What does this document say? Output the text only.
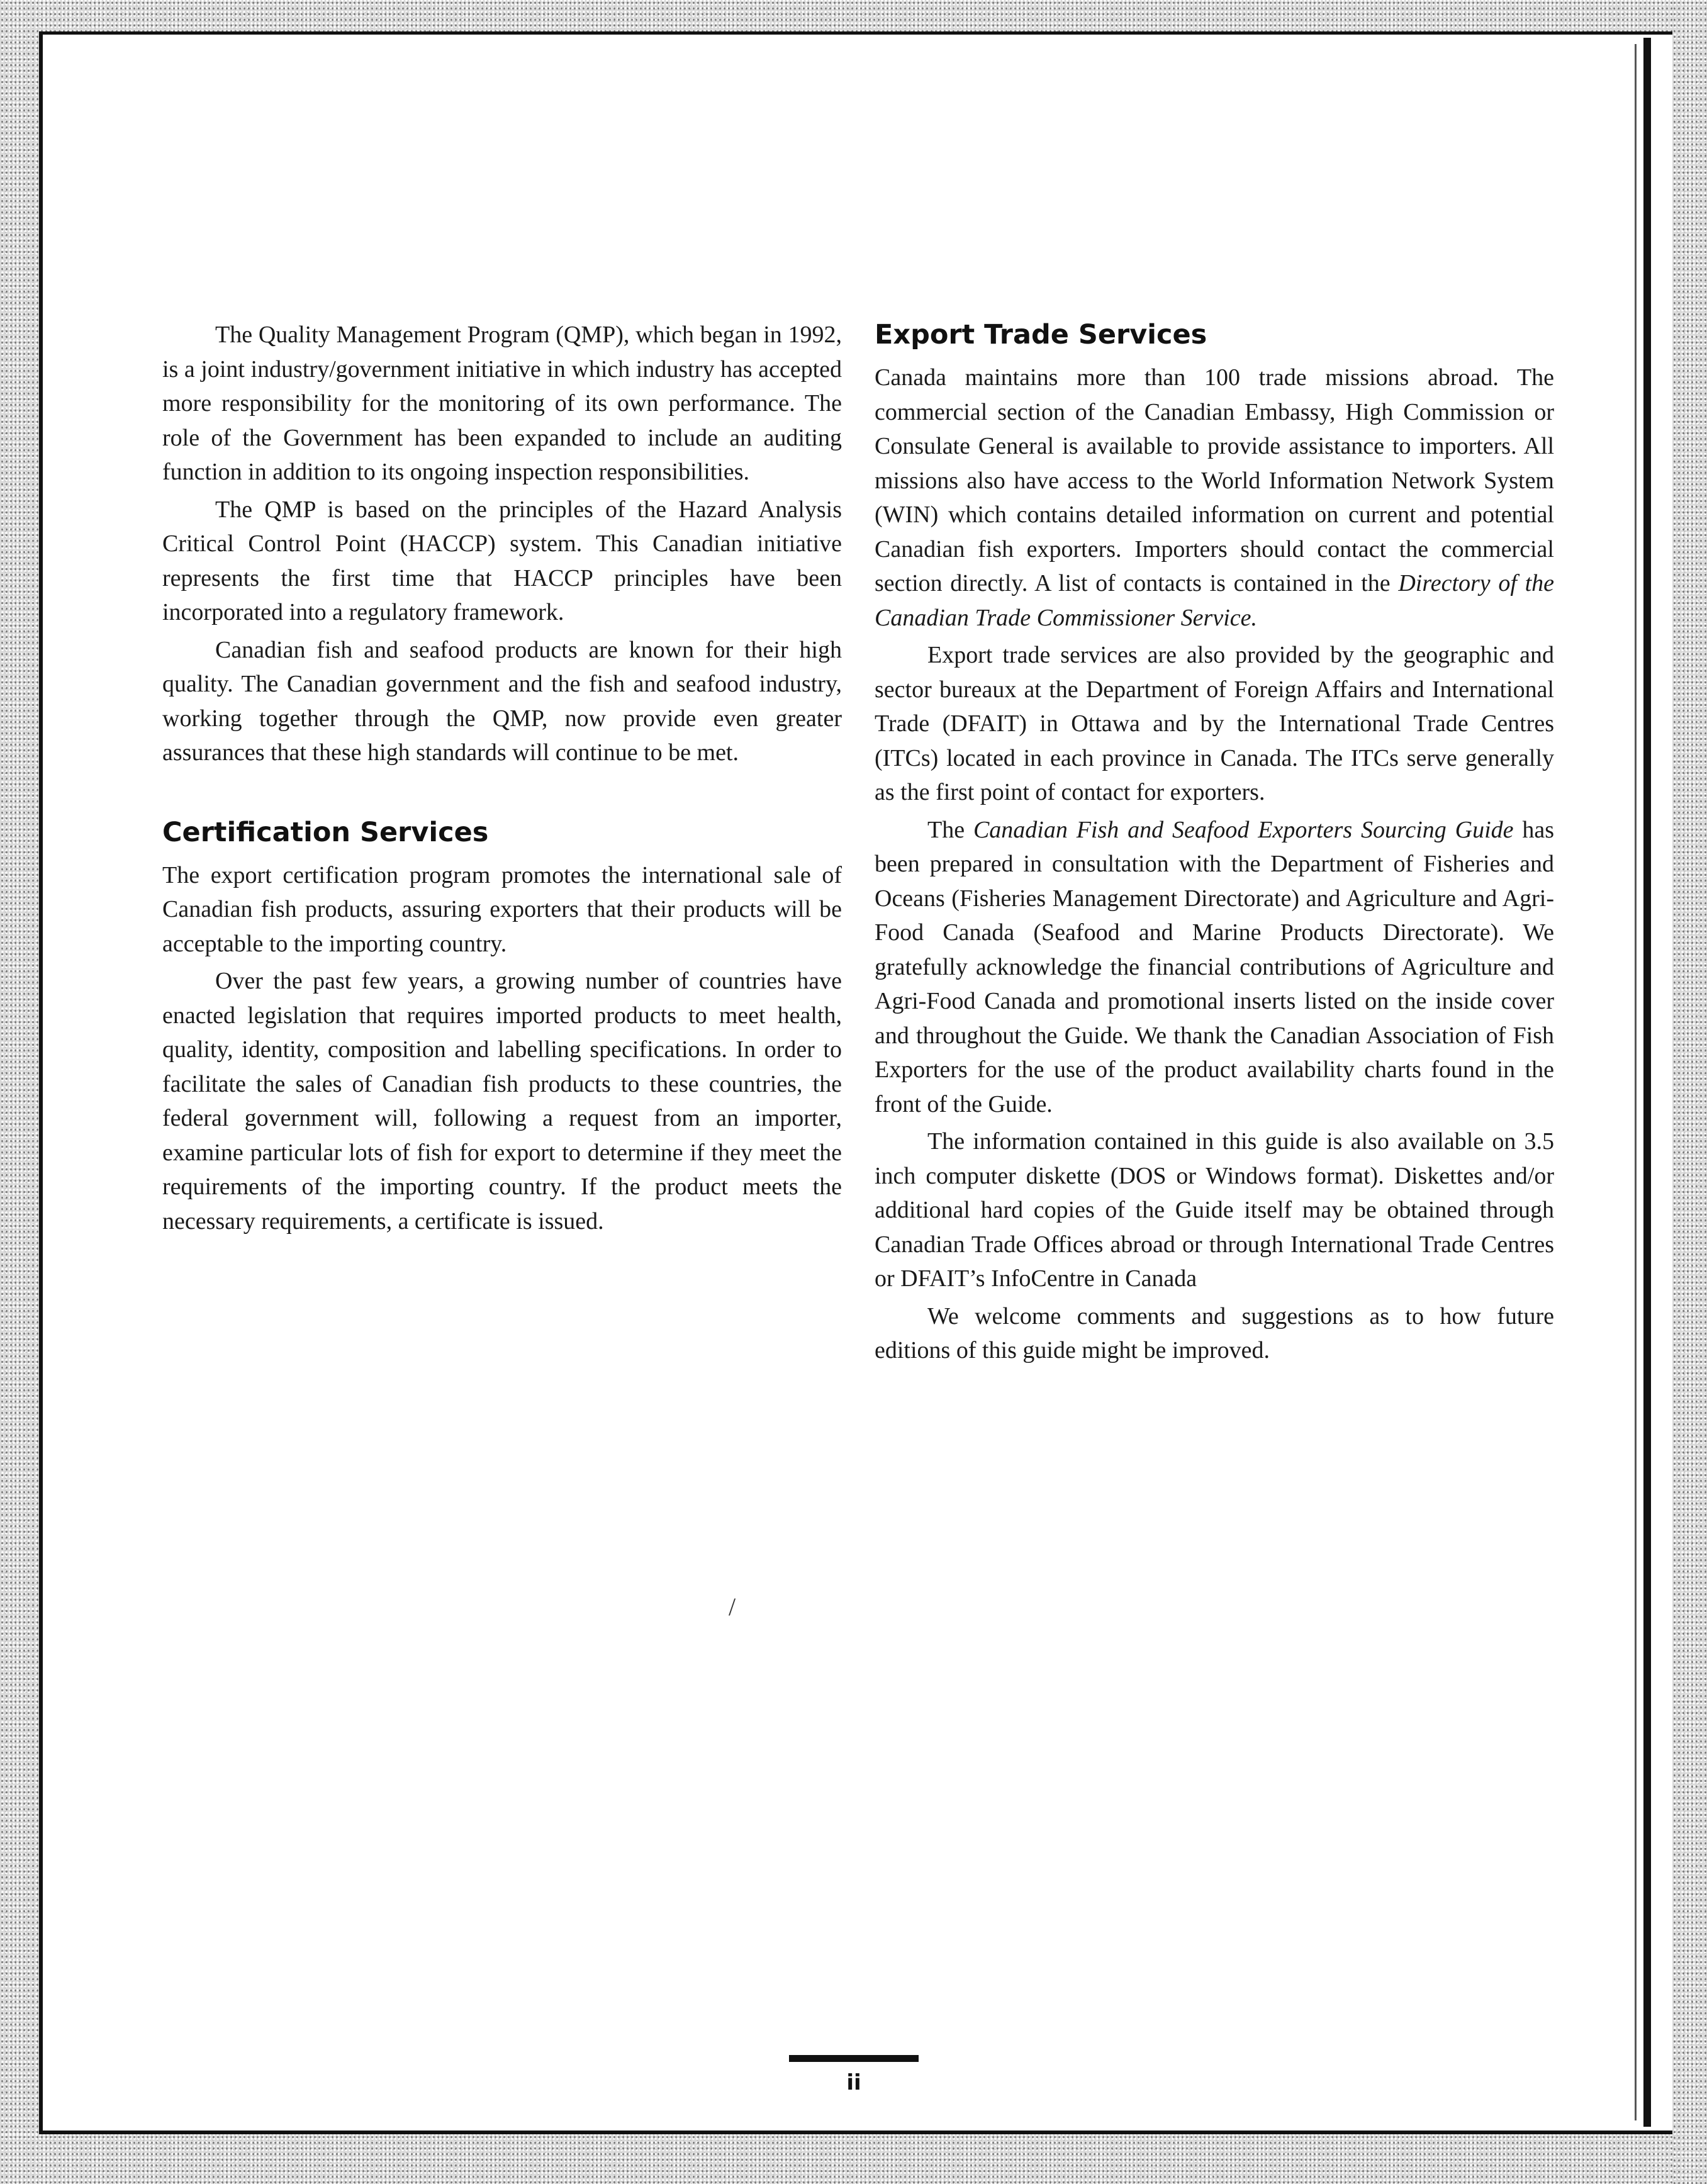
The Quality Management Program (QMP), which began in 1992, is a joint industry/government initiative in which industry has accepted more responsibility for the monitoring of its own performance. The role of the Government has been expanded to include an auditing function in addition to its ongoing inspection responsibilities.

The QMP is based on the principles of the Hazard Analysis Critical Control Point (HACCP) system. This Canadian initiative represents the first time that HACCP principles have been incorporated into a regulatory framework.

Canadian fish and seafood products are known for their high quality. The Canadian government and the fish and seafood industry, working together through the QMP, now provide even greater assurances that these high standards will continue to be met.

Certification Services

The export certification program promotes the international sale of Canadian fish products, assuring exporters that their products will be acceptable to the importing country.

Over the past few years, a growing number of countries have enacted legislation that requires imported products to meet health, quality, identity, composition and labelling specifications. In order to facilitate the sales of Canadian fish products to these countries, the federal government will, following a request from an importer, examine particular lots of fish for export to determine if they meet the requirements of the importing country. If the product meets the necessary requirements, a certificate is issued.

Export Trade Services

Canada maintains more than 100 trade missions abroad. The commercial section of the Canadian Embassy, High Commission or Consulate General is available to provide assistance to importers. All missions also have access to the World Information Network System (WIN) which contains detailed information on current and potential Canadian fish exporters. Importers should contact the commercial section directly. A list of contacts is contained in the Directory of the Canadian Trade Commissioner Service.

Export trade services are also provided by the geographic and sector bureaux at the Department of Foreign Affairs and International Trade (DFAIT) in Ottawa and by the International Trade Centres (ITCs) located in each province in Canada. The ITCs serve generally as the first point of contact for exporters.

The Canadian Fish and Seafood Exporters Sourcing Guide has been prepared in consultation with the Department of Fisheries and Oceans (Fisheries Management Directorate) and Agriculture and Agri-Food Canada (Seafood and Marine Products Directorate). We gratefully acknowledge the financial contributions of Agriculture and Agri-Food Canada and promotional inserts listed on the inside cover and throughout the Guide. We thank the Canadian Association of Fish Exporters for the use of the product availability charts found in the front of the Guide.

The information contained in this guide is also available on 3.5 inch computer diskette (DOS or Windows format). Diskettes and/or additional hard copies of the Guide itself may be obtained through Canadian Trade Offices abroad or through International Trade Centres or DFAIT’s InfoCentre in Canada

We welcome comments and suggestions as to how future editions of this guide might be improved.

/
ii
